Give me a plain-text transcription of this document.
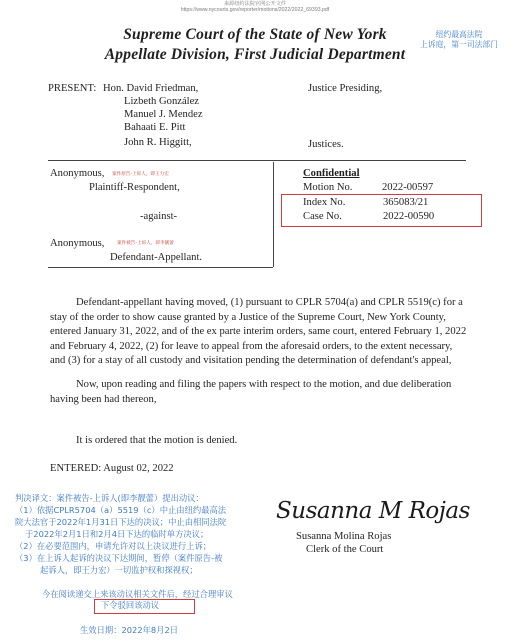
来源纽约法院官网公开文件
https://www.nycourts.gov/reporter/motions/2022/2022_69393.pdf
Supreme Court of the State of New York
Appellate Division, First Judicial Department
纽约最高法院
上诉庭，第一司法部门
PRESENT: Hon. David Friedman,
Lizbeth González
Manuel J. Mendez
Bahaati E. Pitt
John R. Higgitt,
Justice Presiding,
Justices.
Anonymous, 案件原告-上诉人，即王力宏
Plaintiff-Respondent,
-against-
Anonymous,	案件被告-上诉人，即李靓蕾
Defendant-Appellant.
Confidential
Motion No.	2022-00597
Index No.	365083/21
Case No.	2022-00590
Defendant-appellant having moved, (1) pursuant to CPLR 5704(a) and CPLR 5519(c) for a stay of the order to show cause granted by a Justice of the Supreme Court, New York County, entered January 31, 2022, and of the ex parte interim orders, same court, entered February 1, 2022 and February 4, 2022, (2) for leave to appeal from the aforesaid orders, to the extent necessary, and (3) for a stay of all custody and visitation pending the determination of defendant's appeal,
Now, upon reading and filing the papers with respect to the motion, and due deliberation having been had thereon,
It is ordered that the motion is denied.
ENTERED: August 02, 2022
判决译文：案件被告-上诉人(即李靓蕾）提出动议：
（1）依据CPLR5704（a）5519（c）中止由纽约最高法
院大法官于2022年1月31日下达的决议；中止由相同法院
于2022年2月1日和2月4日下达的临时单方决议；
（2）在必要范围内，申请允许对以上决议进行上诉；
（3）在上诉人起诉的决议下达期间，暂停（案件原告-被
起诉人，即王力宏）一切监护权和探视权；
今在阅读递交上来该动议相关文件后，经过合理审议
下令驳回该动议
生效日期：2022年8月2日
Susanna M Rojas
Susanna Molina Rojas
Clerk of the Court
